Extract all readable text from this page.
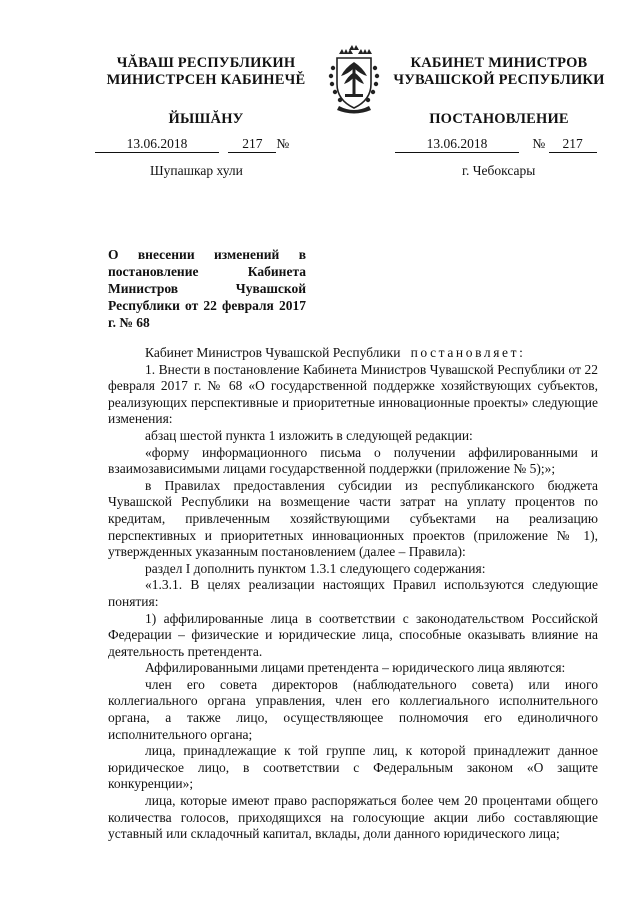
ЧĂВАШ РЕСПУБЛИКИН
МИНИСТРСЕН КАБИНЕЧĚ
ЙЫШĂНУ
КАБИНЕТ МИНИСТРОВ
ЧУВАШСКОЙ РЕСПУБЛИКИ
ПОСТАНОВЛЕНИЕ
13.06.2018	217 №	13.06.2018	№ 217
Шупашкар хули	г. Чебоксары
О внесении изменений в постановление Кабинета Министров Чувашской Республики от 22 февраля 2017 г. № 68

Кабинет Министров Чувашской Республики постановляет:

1. Внести в постановление Кабинета Министров Чувашской Республики от 22 февраля 2017 г. № 68 «О государственной поддержке хозяйствующих субъектов, реализующих перспективные и приоритетные инновационные проекты» следующие изменения:

абзац шестой пункта 1 изложить в следующей редакции:

«форму информационного письма о получении аффилированными и взаимозависимыми лицами государственной поддержки (приложение № 5);»;

в Правилах предоставления субсидии из республиканского бюджета Чувашской Республики на возмещение части затрат на уплату процентов по кредитам, привлеченным хозяйствующими субъектами на реализацию перспективных и приоритетных инновационных проектов (приложение № 1), утвержденных указанным постановлением (далее – Правила):

раздел I дополнить пунктом 1.3.1 следующего содержания:

«1.3.1. В целях реализации настоящих Правил используются следующие понятия:

1) аффилированные лица в соответствии с законодательством Российской Федерации – физические и юридические лица, способные оказывать влияние на деятельность претендента.

Аффилированными лицами претендента – юридического лица являются:

член его совета директоров (наблюдательного совета) или иного коллегиального органа управления, член его коллегиального исполнительного органа, а также лицо, осуществляющее полномочия его единоличного исполнительного органа;

лица, принадлежащие к той группе лиц, к которой принадлежит данное юридическое лицо, в соответствии с Федеральным законом «О защите конкуренции»;

лица, которые имеют право распоряжаться более чем 20 процентами общего количества голосов, приходящихся на голосующие акции либо составляющие уставный или складочный капитал, вклады, доли данного юридического лица;
